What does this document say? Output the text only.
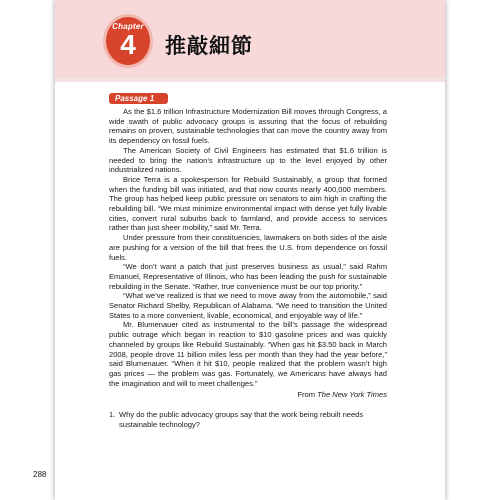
Chapter
4	推敲細節
Passage 1

As the $1.6 trillion Infrastructure Modernization Bill moves through Congress, a wide swath of public advocacy groups is assuring that the focus of rebuilding remains on proven, sustainable technologies that can move the country away from its dependency on fossil fuels.

The American Society of Civil Engineers has estimated that $1.6 trillion is needed to bring the nation’s infrastructure up to the level enjoyed by other industrialized nations.

Brice Terra is a spokesperson for Rebuild Sustainably, a group that formed when the funding bill was initiated, and that now counts nearly 400,000 members. The group has helped keep public pressure on senators to aim high in crafting the rebuilding bill. “We must minimize environmental impact with dense yet fully livable cities, convert rural suburbs back to farmland, and provide access to services rather than just sheer mobility,” said Mr. Terra.

Under pressure from their constituencies, lawmakers on both sides of the aisle are pushing for a version of the bill that frees the U.S. from dependence on fossil fuels.

“We don’t want a patch that just preserves business as usual,” said Rahm Emanuel, Representative of Illinois, who has been leading the push for sustainable rebuilding in the Senate. “Rather, true convenience must be our top priority.”

“What we’ve realized is that we need to move away from the automobile,” said Senator Richard Shelby, Republican of Alabama. “We need to transition the United States to a more convenient, livable, economical, and enjoyable way of life.”

Mr. Blumenauer cited as instrumental to the bill’s passage the widespread public outrage which began in reaction to $10 gasoline prices and was quickly channeled by groups like Rebuild Sustainably. “When gas hit $3.50 back in March 2008, people drove 11 billion miles less per month than they had the year before,” said Blumenauer. “When it hit $10, people realized that the problem wasn’t high gas prices — the problem was gas. Fortunately, we Americans have always had the imagination and will to meet challenges.”

From The New York Times
1. Why do the public advocacy groups say that the work being rebuilt needs sustainable technology?
288
